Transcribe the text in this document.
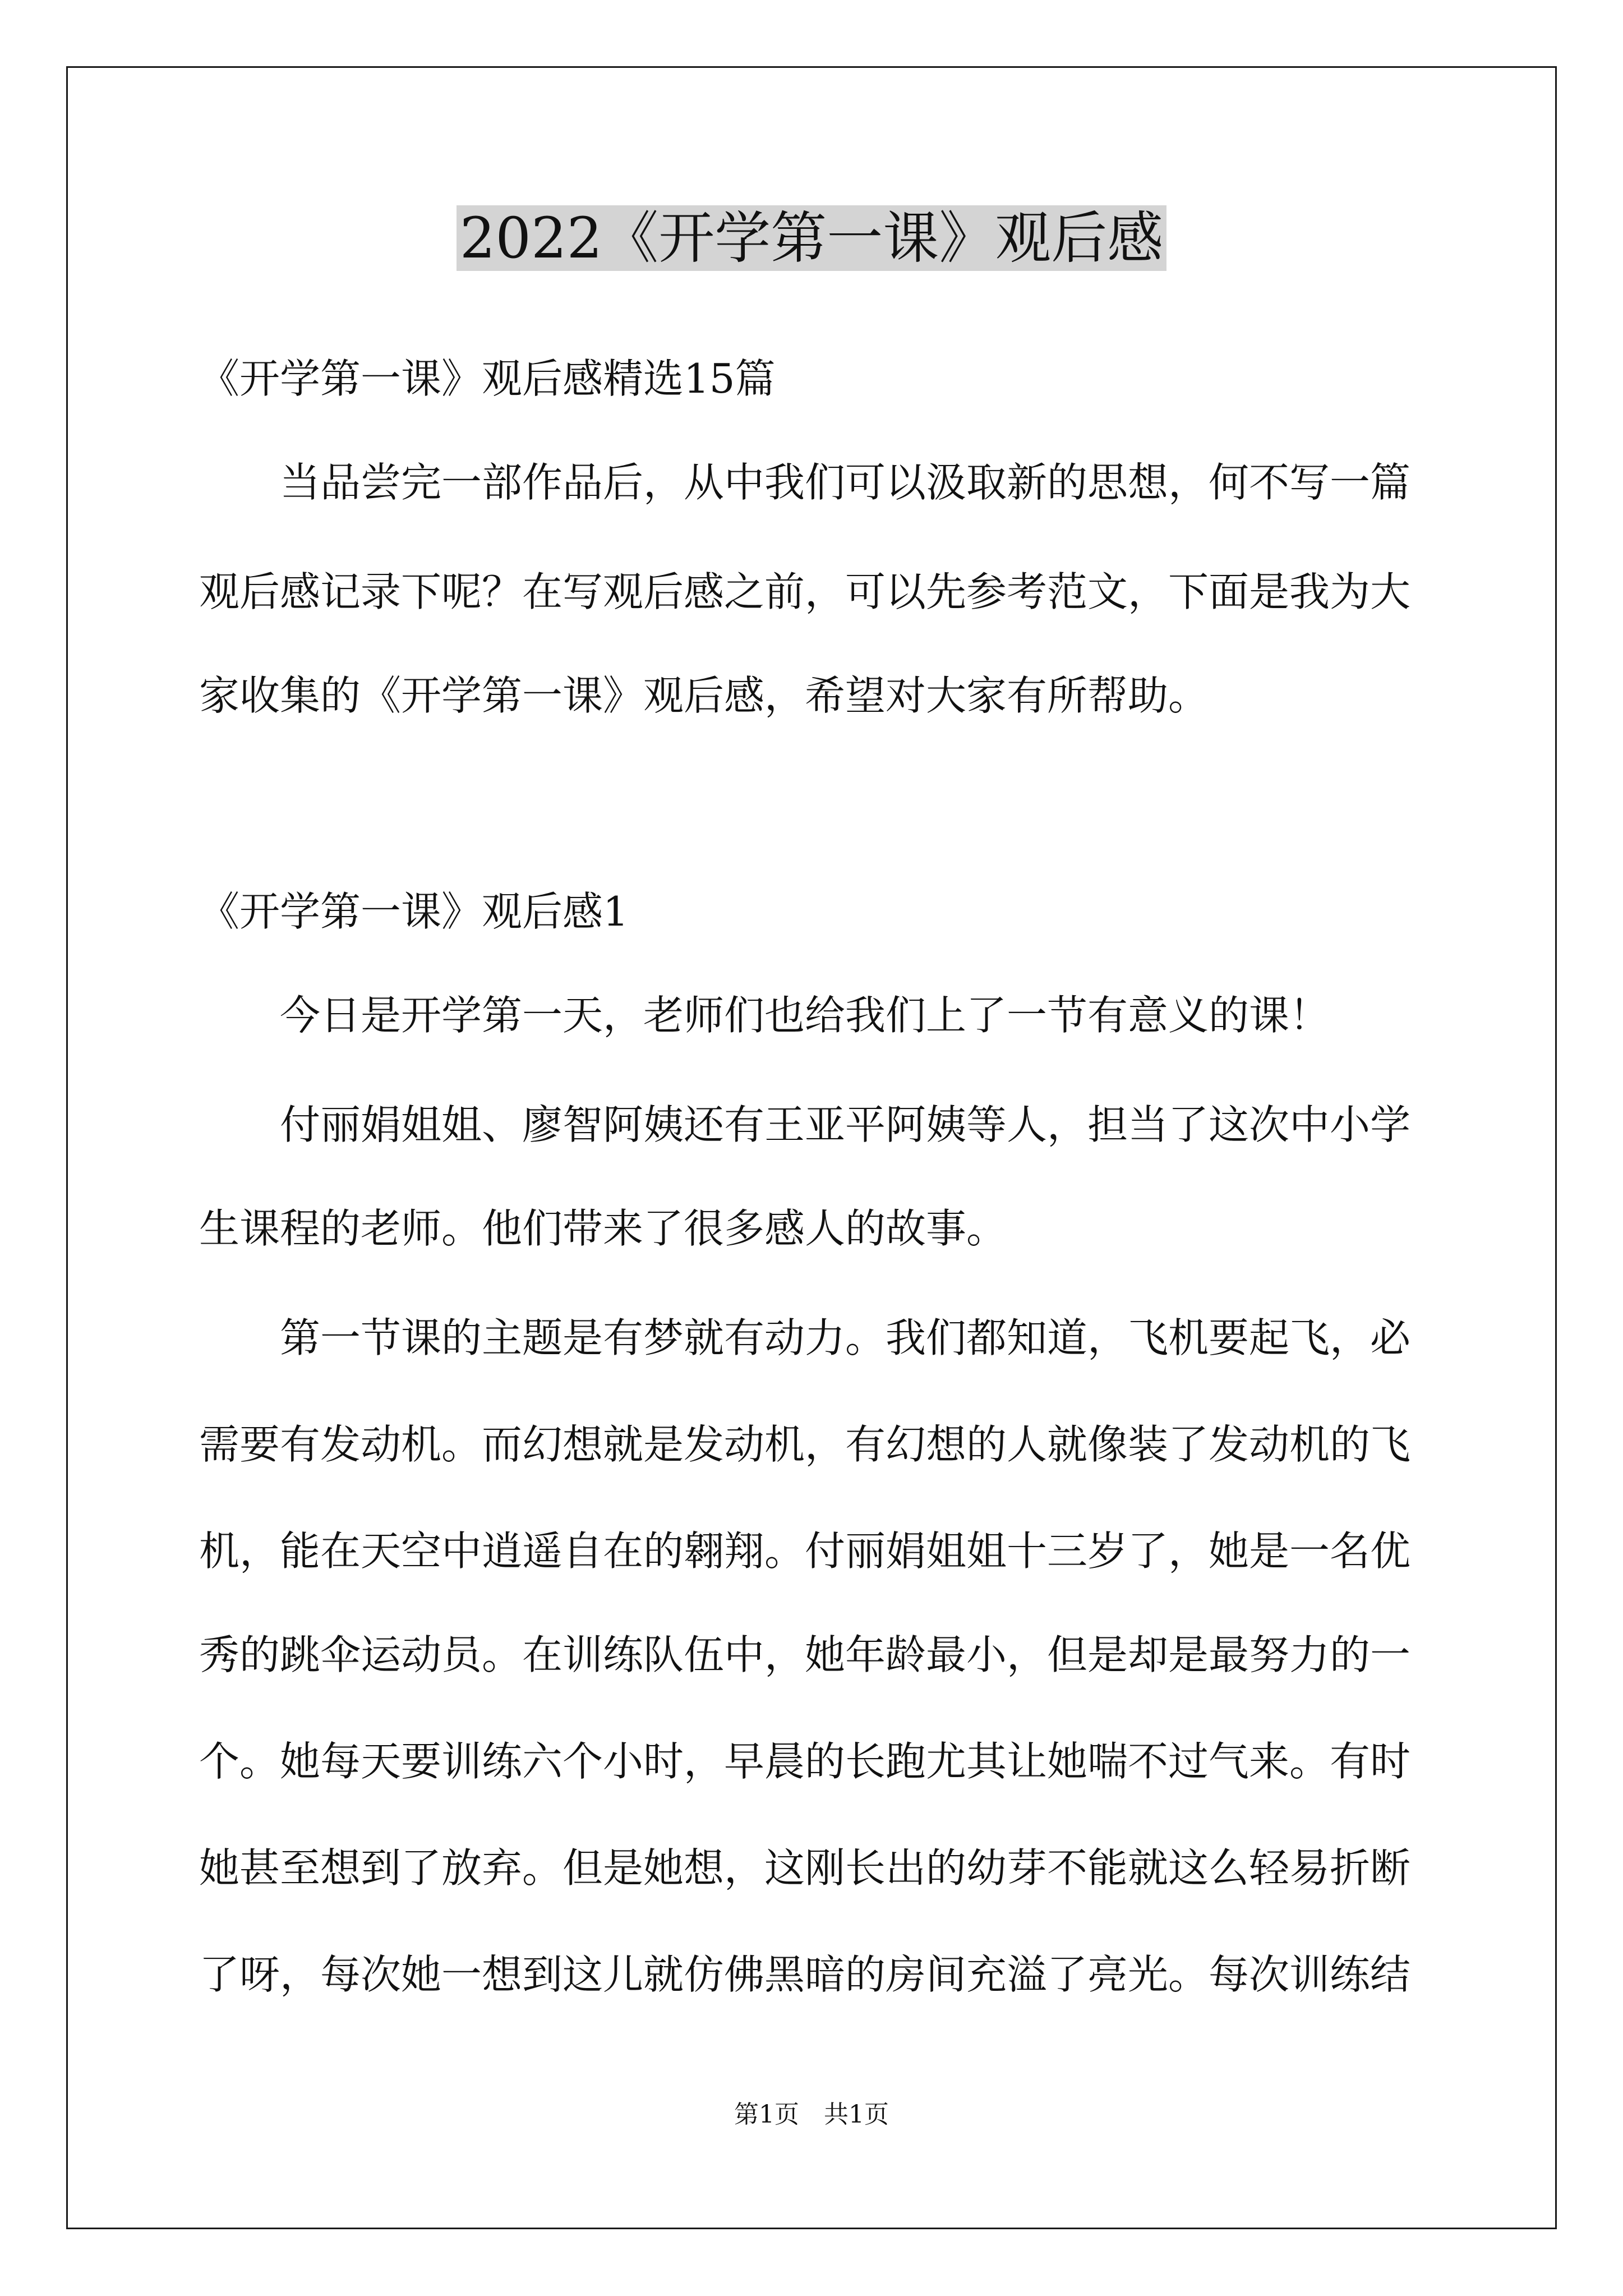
2022《开学第一课》观后感
《开学第一课》观后感精选15篇
　　当品尝完一部作品后，从中我们可以汲取新的思想，何不写一篇
观后感记录下呢？在写观后感之前，可以先参考范文，下面是我为大
家收集的《开学第一课》观后感，希望对大家有所帮助。
《开学第一课》观后感1
　　今日是开学第一天，老师们也给我们上了一节有意义的课！
　　付丽娟姐姐、廖智阿姨还有王亚平阿姨等人，担当了这次中小学
生课程的老师。他们带来了很多感人的故事。
　　第一节课的主题是有梦就有动力。我们都知道，飞机要起飞，必
需要有发动机。而幻想就是发动机，有幻想的人就像装了发动机的飞
机，能在天空中逍遥自在的翱翔。付丽娟姐姐十三岁了，她是一名优
秀的跳伞运动员。在训练队伍中，她年龄最小，但是却是最努力的一
个。她每天要训练六个小时，早晨的长跑尤其让她喘不过气来。有时
她甚至想到了放弃。但是她想，这刚长出的幼芽不能就这么轻易折断
了呀，每次她一想到这儿就仿佛黑暗的房间充溢了亮光。每次训练结
第1页　共1页
